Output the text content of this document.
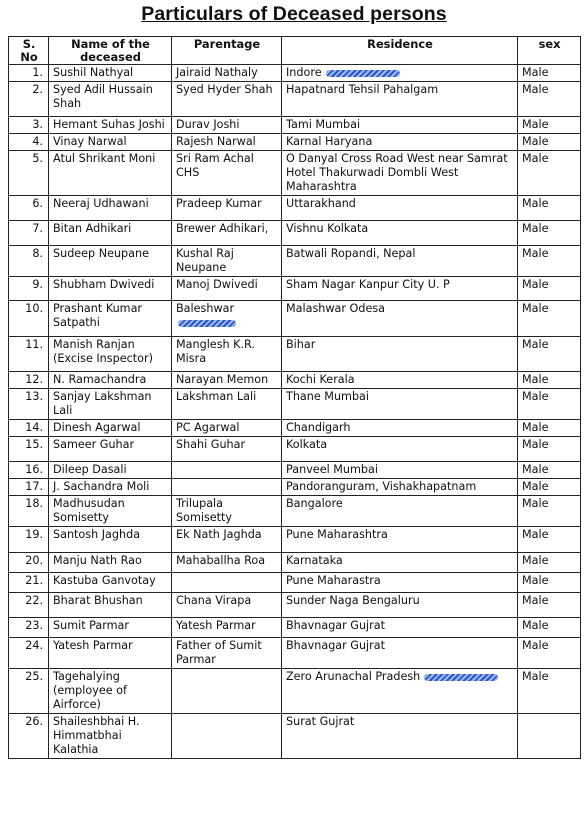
Particulars of Deceased persons
S. No	Name of the deceased	Parentage	Residence	sex
1.	Sushil Nathyal	Jairaid Nathaly	Indore	Male
2.	Syed Adil Hussain Shah	Syed Hyder Shah	Hapatnard Tehsil Pahalgam	Male
3.	Hemant Suhas Joshi	Durav Joshi	Tami Mumbai	Male
4.	Vinay Narwal	Rajesh Narwal	Karnal Haryana	Male
5.	Atul Shrikant Moni	Sri Ram Achal CHS	O Danyal Cross Road West near Samrat Hotel Thakurwadi Dombli West Maharashtra	Male
6.	Neeraj Udhawani	Pradeep Kumar	Uttarakhand	Male
7.	Bitan Adhikari	Brewer Adhikari,	Vishnu Kolkata	Male
8.	Sudeep Neupane	Kushal Raj Neupane	Batwali Ropandi, Nepal	Male
9.	Shubham Dwivedi	Manoj Dwivedi	Sham Nagar Kanpur City U. P	Male
10.	Prashant Kumar Satpathi	Baleshwar	Malashwar Odesa	Male
11.	Manish Ranjan (Excise Inspector)	Manglesh K.R. Misra	Bihar	Male
12.	N. Ramachandra	Narayan Memon	Kochi Kerala	Male
13.	Sanjay Lakshman Lali	Lakshman Lali	Thane Mumbai	Male
14.	Dinesh Agarwal	PC Agarwal	Chandigarh	Male
15.	Sameer Guhar	Shahi Guhar	Kolkata	Male
16.	Dileep Dasali		Panveel Mumbai	Male
17.	J. Sachandra Moli		Pandoranguram, Vishakhapatnam	Male
18.	Madhusudan Somisetty	Trilupala Somisetty	Bangalore	Male
19.	Santosh Jaghda	Ek Nath Jaghda	Pune Maharashtra	Male
20.	Manju Nath Rao	Mahaballha Roa	Karnataka	Male
21.	Kastuba Ganvotay		Pune Maharastra	Male
22.	Bharat Bhushan	Chana Virapa	Sunder Naga Bengaluru	Male
23.	Sumit Parmar	Yatesh Parmar	Bhavnagar Gujrat	Male
24.	Yatesh Parmar	Father of Sumit Parmar	Bhavnagar Gujrat	Male
25.	Tagehalying (employee of Airforce)		Zero Arunachal Pradesh	Male
26.	Shaileshbhai H. Himmatbhai Kalathia		Surat Gujrat	
